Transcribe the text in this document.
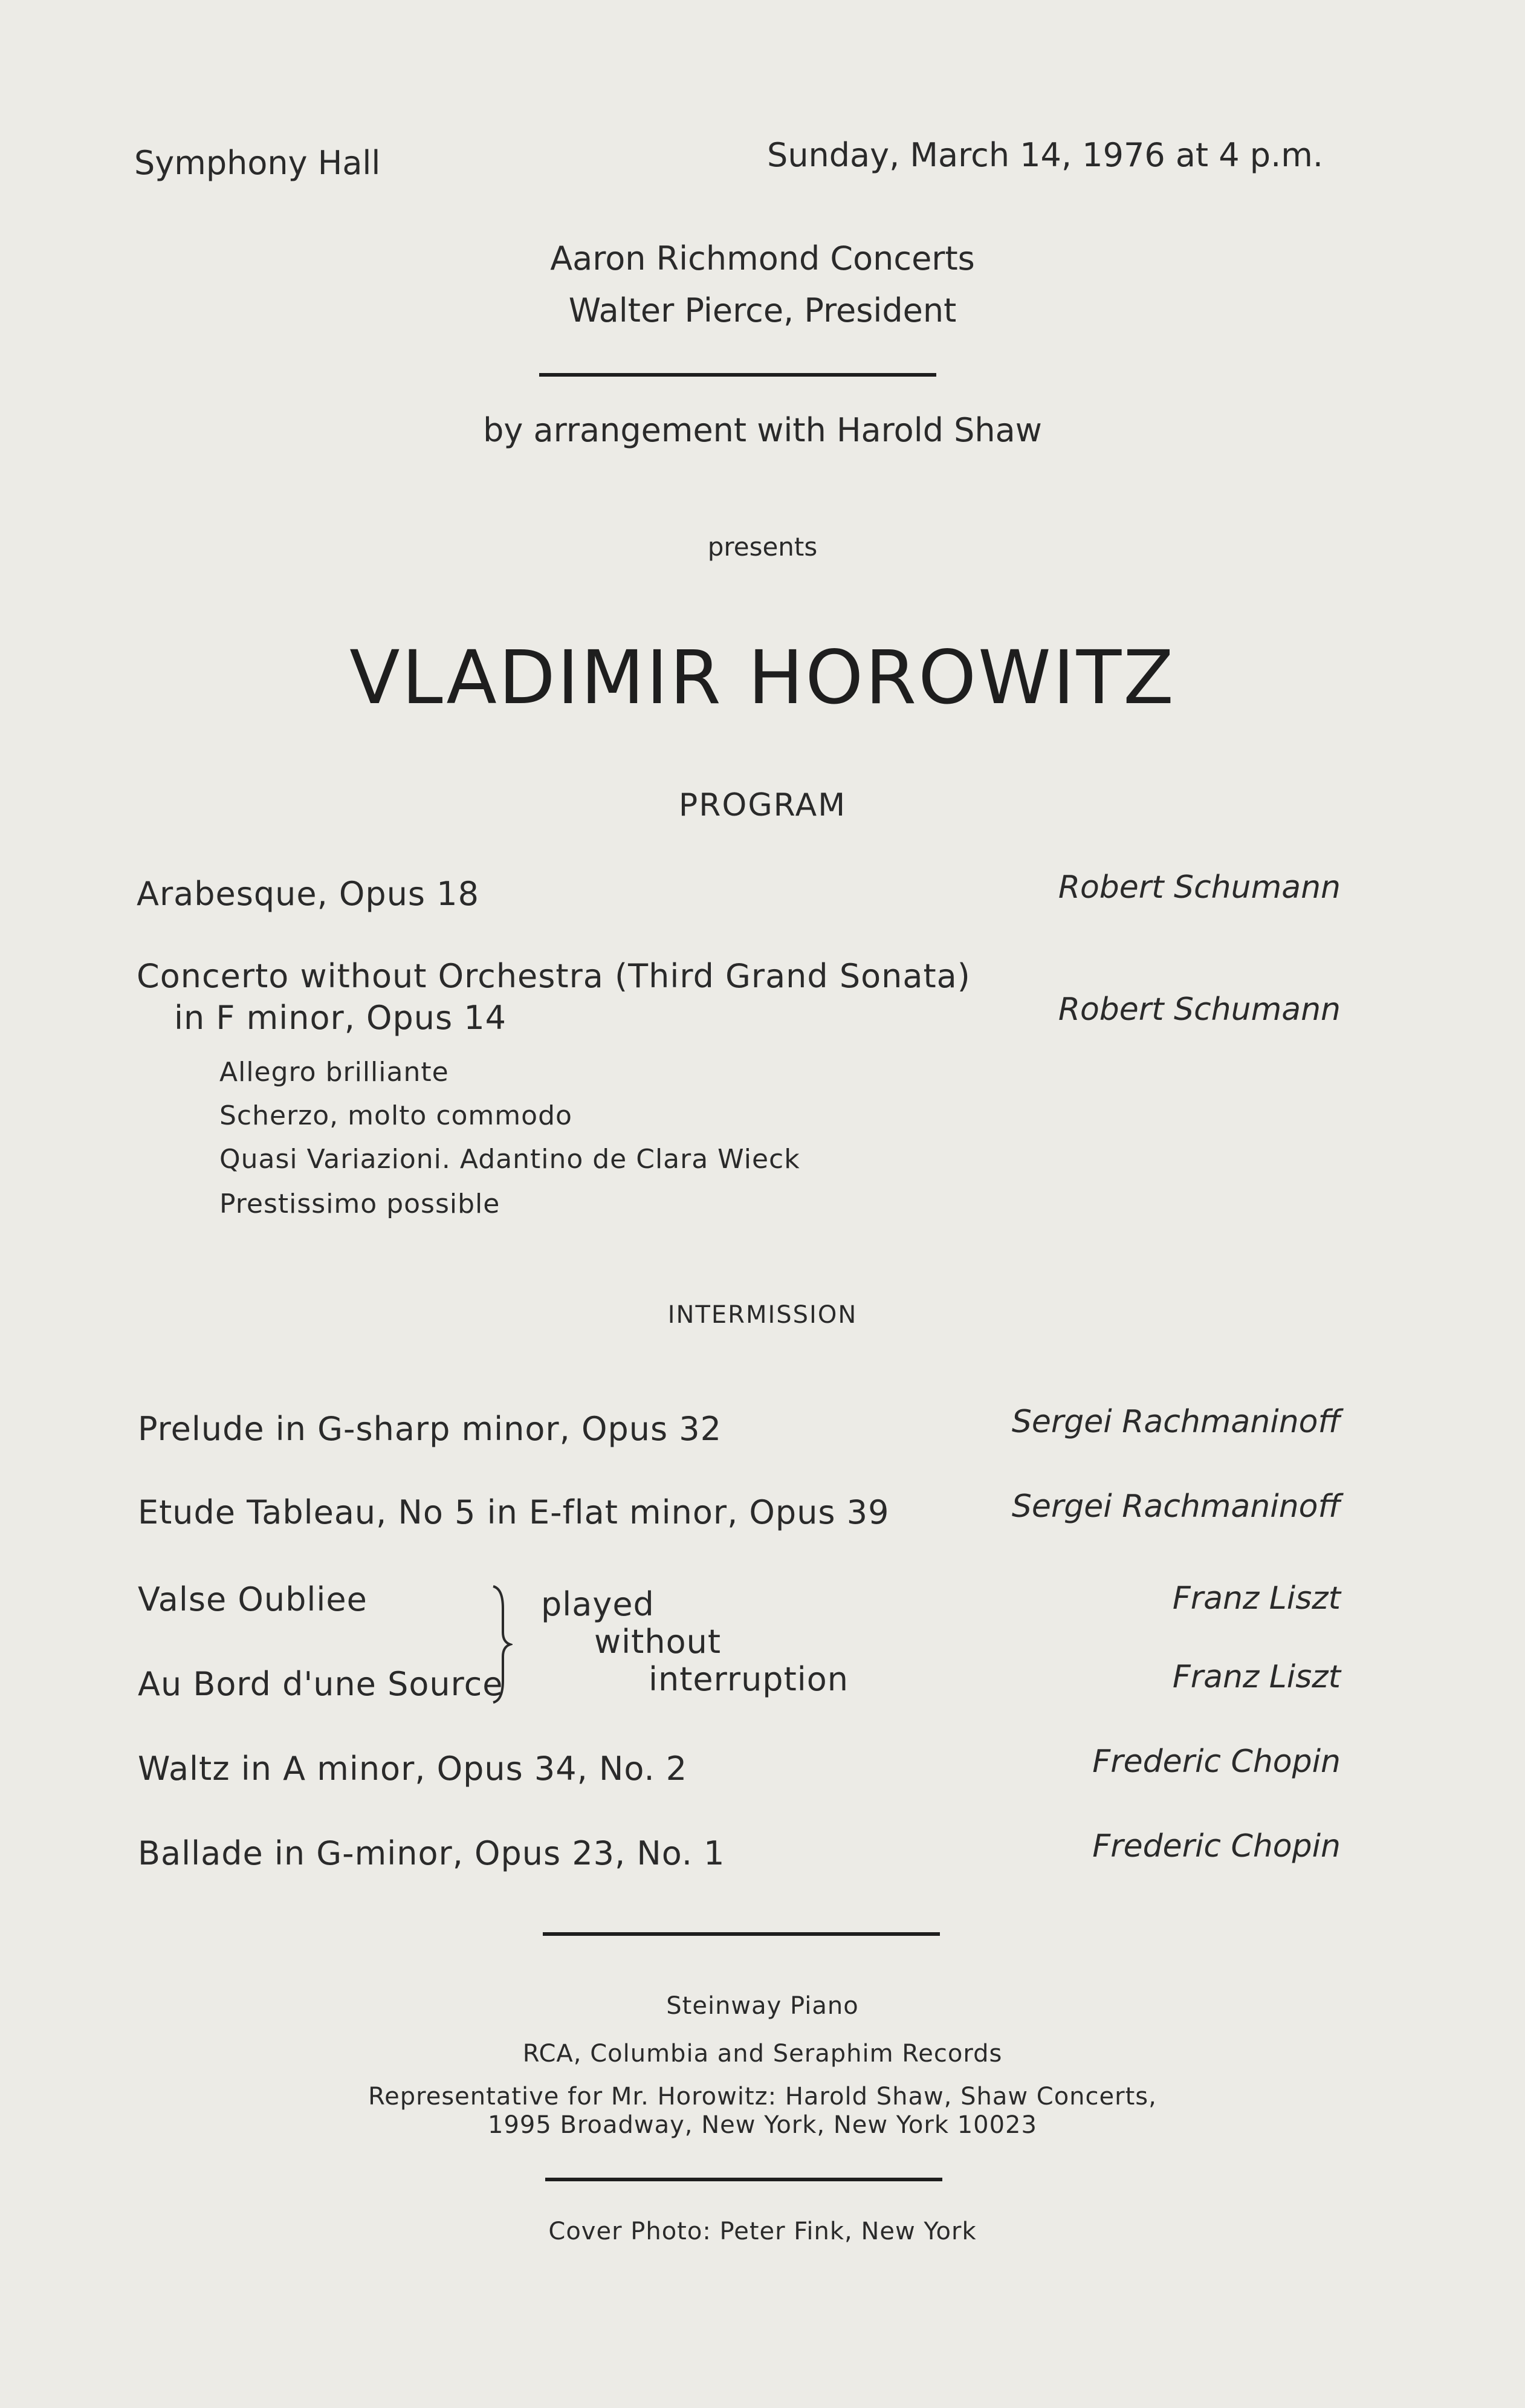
Symphony Hall	Sunday, March 14, 1976 at 4 p.m.
Aaron Richmond Concerts
Walter Pierce, President
by arrangement with Harold Shaw
presents
VLADIMIR HOROWITZ
PROGRAM
Arabesque, Opus 18	Robert Schumann
Concerto without Orchestra (Third Grand Sonata)
in F minor, Opus 14	Robert Schumann
Allegro brilliante
Scherzo, molto commodo
Quasi Variazioni. Adantino de Clara Wieck
Prestissimo possible
INTERMISSION
Prelude in G-sharp minor, Opus 32	Sergei Rachmaninoff
Etude Tableau, No 5 in E-flat minor, Opus 39	Sergei Rachmaninoff
Valse Oubliee	Franz Liszt
Au Bord d'une Source	Franz Liszt
played
without
interruption
Waltz in A minor, Opus 34, No. 2	Frederic Chopin
Ballade in G-minor, Opus 23, No. 1	Frederic Chopin
Steinway Piano
RCA, Columbia and Seraphim Records
Representative for Mr. Horowitz: Harold Shaw, Shaw Concerts,
1995 Broadway, New York, New York 10023
Cover Photo: Peter Fink, New York
